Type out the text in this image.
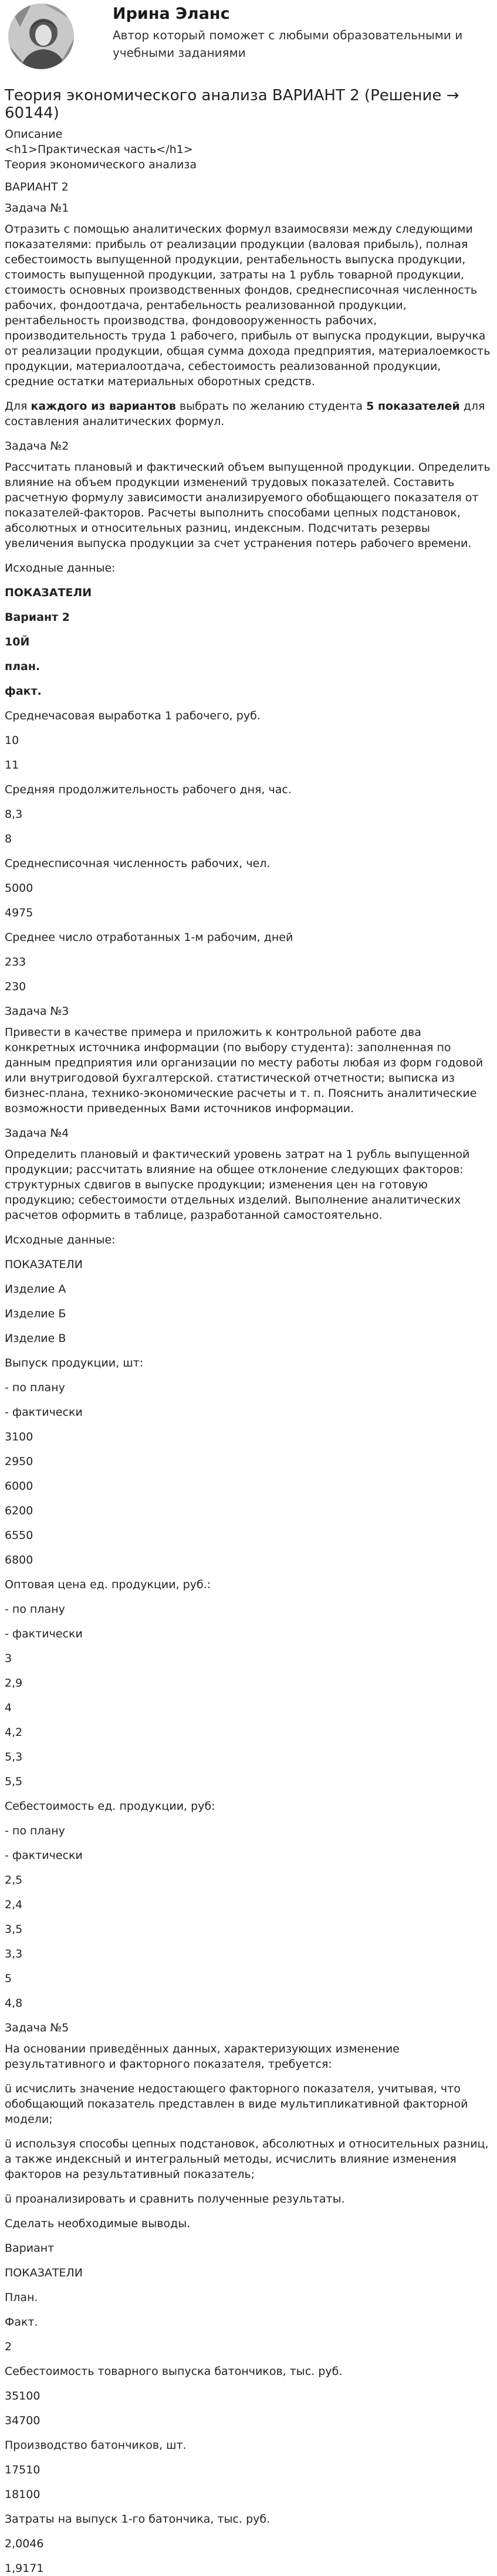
Ирина Эланс
Автор который поможет с любыми образовательными и учебными заданиями
Теория экономического анализа ВАРИАНТ 2 (Решение → 60144)
Описание
<h1>Практическая часть</h1>
Теория экономического анализа

ВАРИАНТ 2

Задача №1

Отразить с помощью аналитических формул взаимосвязи между следующими показателями: прибыль от реализации продукции (валовая прибыль), полная себестоимость выпущенной продукции, рентабельность выпуска продукции, стоимость выпущенной продукции, затраты на 1 рубль товарной продукции, стоимость основных производственных фондов, среднесписочная численность рабочих, фондоотдача, рентабельность реализованной продукции, рентабельность производства, фондовооруженность рабочих, производительность труда 1 рабочего, прибыль от выпуска продукции, выручка от реализации продукции, общая сумма дохода предприятия, материалоемкость продукции, материалоотдача, себестоимость реализованной продукции, средние остатки материальных оборотных средств.

Для каждого из вариантов выбрать по желанию студента 5 показателей для составления аналитических формул.

Задача №2

Рассчитать плановый и фактический объем выпущенной продукции. Определить влияние на объем продукции изменений трудовых показателей. Составить расчетную формулу зависимости анализируемого обобщающего показателя от показателей-факторов. Расчеты выполнить способами цепных подстановок, абсолютных и относительных разниц, индексным. Подсчитать резервы увеличения выпуска продукции за счет устранения потерь рабочего времени.

Исходные данные:

ПОКАЗАТЕЛИ

Вариант 2

10Й

план.

факт.

Среднечасовая выработка 1 рабочего, руб.

10

11

Средняя продолжительность рабочего дня, час.

8,3

8

Среднесписочная численность рабочих, чел.

5000

4975

Среднее число отработанных 1-м рабочим, дней

233

230

Задача №3

Привести в качестве примера и приложить к контрольной работе два конкретных источника информации (по выбору студента): заполненная по данным предприятия или организации по месту работы любая из форм годовой или внутригодовой бухгалтерской. статистической отчетности; выписка из бизнес-плана, технико-экономические расчеты и т. п. Пояснить аналитические возможности приведенных Вами источников информации.

Задача №4

Определить плановый и фактический уровень затрат на 1 рубль выпущенной продукции; рассчитать влияние на общее отклонение следующих факторов: структурных сдвигов в выпуске продукции; изменения цен на готовую продукцию; себестоимости отдельных изделий. Выполнение аналитических расчетов оформить в таблице, разработанной самостоятельно.

Исходные данные:

ПОКАЗАТЕЛИ

Изделие А

Изделие Б

Изделие В

Выпуск продукции, шт:

- по плану

- фактически

3100

2950

6000

6200

6550

6800

Оптовая цена ед. продукции, руб.:

- по плану

- фактически

3

2,9

4

4,2

5,3

5,5

Себестоимость ед. продукции, руб:

- по плану

- фактически

2,5

2,4

3,5

3,3

5

4,8

Задача №5

На основании приведённых данных, характеризующих изменение результативного и факторного показателя, требуется:

ü исчислить значение недостающего факторного показателя, учитывая, что обобщающий показатель представлен в виде мультипликативной факторной модели;

ü используя способы цепных подстановок, абсолютных и относительных разниц, а также индексный и интегральный методы, исчислить влияние изменения факторов на результативный показатель;

ü проанализировать и сравнить полученные результаты.

Сделать необходимые выводы.

Вариант

ПОКАЗАТЕЛИ

План.

Факт.

2

Себестоимость товарного выпуска батончиков, тыс. руб.

35100

34700

Производство батончиков, шт.

17510

18100

Затраты на выпуск 1-го батончика, тыс. руб.

2,0046

1,9171
